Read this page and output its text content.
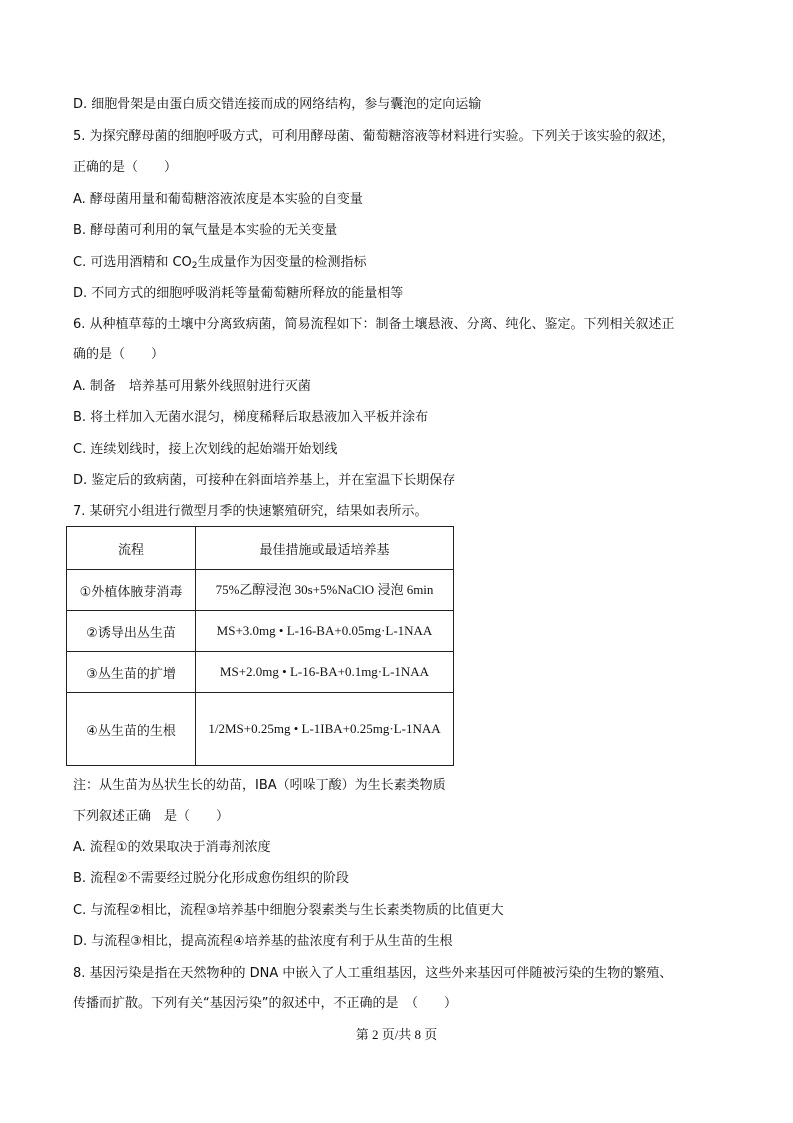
D. 细胞骨架是由蛋白质交错连接而成的网络结构，参与囊泡的定向运输
5. 为探究酵母菌的细胞呼吸方式，可利用酵母菌、葡萄糖溶液等材料进行实验。下列关于该实验的叙述，
正确的是（　　）
A. 酵母菌用量和葡萄糖溶液浓度是本实验的自变量
B. 酵母菌可利用的氧气量是本实验的无关变量
C. 可选用酒精和 $CO_2$生成量作为因变量的检测指标
D. 不同方式的细胞呼吸消耗等量葡萄糖所释放的能量相等
6. 从种植草莓的土壤中分离致病菌，简易流程如下：制备土壤悬液、分离、纯化、鉴定。下列相关叙述正
确的是（　　）
A. 制备　培养基可用紫外线照射进行灭菌
B. 将土样加入无菌水混匀，梯度稀释后取悬液加入平板并涂布
C. 连续划线时，接上次划线的起始端开始划线
D. 鉴定后的致病菌，可接种在斜面培养基上，并在室温下长期保存
7. 某研究小组进行微型月季的快速繁殖研究，结果如表所示。
流程	最佳措施或最适培养基
①外植体腋芽消毒	75%乙醇浸泡 30s+5%NaClO 浸泡 6min
②诱导出丛生苗	MS+3.0mg • L-16-BA+0.05mg·L-1NAA
③丛生苗的扩增	MS+2.0mg • L-16-BA+0.1mg·L-1NAA
④丛生苗的生根	1/2MS+0.25mg • L-1IBA+0.25mg·L-1NAA
注：从生苗为丛状生长的幼苗，IBA（吲哚丁酸）为生长素类物质
下列叙述正确　是（　　）
A. 流程①的效果取决于消毒剂浓度
B. 流程②不需要经过脱分化形成愈伤组织的阶段
C. 与流程②相比，流程③培养基中细胞分裂素类与生长素类物质的比值更大
D. 与流程③相比，提高流程④培养基的盐浓度有利于从生苗的生根
8. 基因污染是指在天然物种的 DNA 中嵌入了人工重组基因，这些外来基因可伴随被污染的生物的繁殖、
传播而扩散。下列有关“基因污染”的叙述中，不正确的是　（　　）
第 2 页/共 8 页
